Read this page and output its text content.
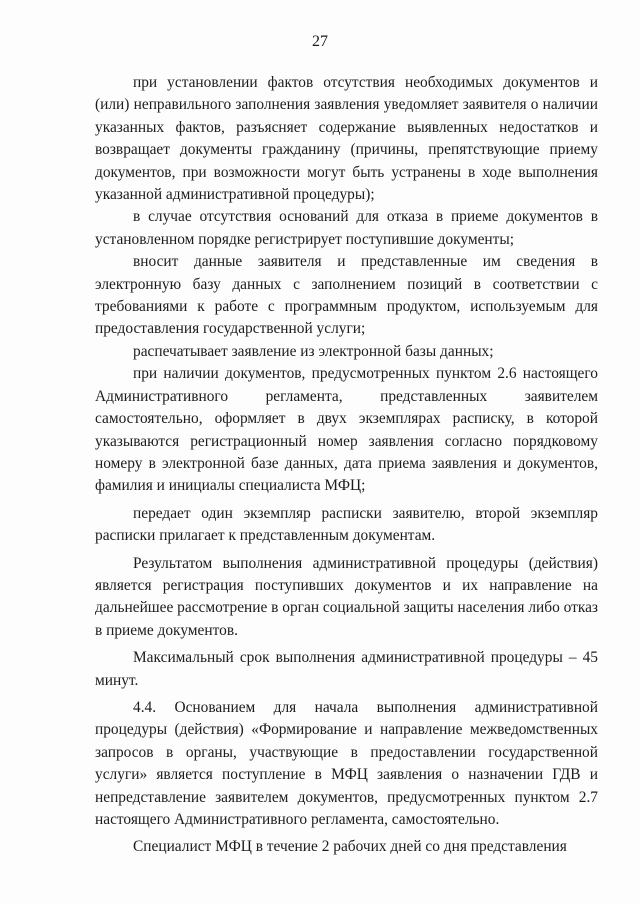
27

при установлении фактов отсутствия необходимых документов и (или) неправильного заполнения заявления уведомляет заявителя о наличии указанных фактов, разъясняет содержание выявленных недостатков и возвращает документы гражданину (причины, препятствующие приему документов, при возможности могут быть устранены в ходе выполнения указанной административной процедуры);

в случае отсутствия оснований для отказа в приеме документов в установленном порядке регистрирует поступившие документы;

вносит данные заявителя и представленные им сведения в электронную базу данных с заполнением позиций в соответствии с требованиями к работе с программным продуктом, используемым для предоставления государственной услуги;

распечатывает заявление из электронной базы данных;

при наличии документов, предусмотренных пунктом 2.6 настоящего Административного регламента, представленных заявителем самостоятельно, оформляет в двух экземплярах расписку, в которой указываются регистрационный номер заявления согласно порядковому номеру в электронной базе данных, дата приема заявления и документов, фамилия и инициалы специалиста МФЦ;

передает один экземпляр расписки заявителю, второй экземпляр расписки прилагает к представленным документам.

Результатом выполнения административной процедуры (действия) является регистрация поступивших документов и их направление на дальнейшее рассмотрение в орган социальной защиты населения либо отказ в приеме документов.

Максимальный срок выполнения административной процедуры – 45 минут.

4.4. Основанием для начала выполнения административной процедуры (действия) «Формирование и направление межведомственных запросов в органы, участвующие в предоставлении государственной услуги» является поступление в МФЦ заявления о назначении ГДВ и непредставление заявителем документов, предусмотренных пунктом 2.7 настоящего Административного регламента, самостоятельно.

Специалист МФЦ в течение 2 рабочих дней со дня представления
